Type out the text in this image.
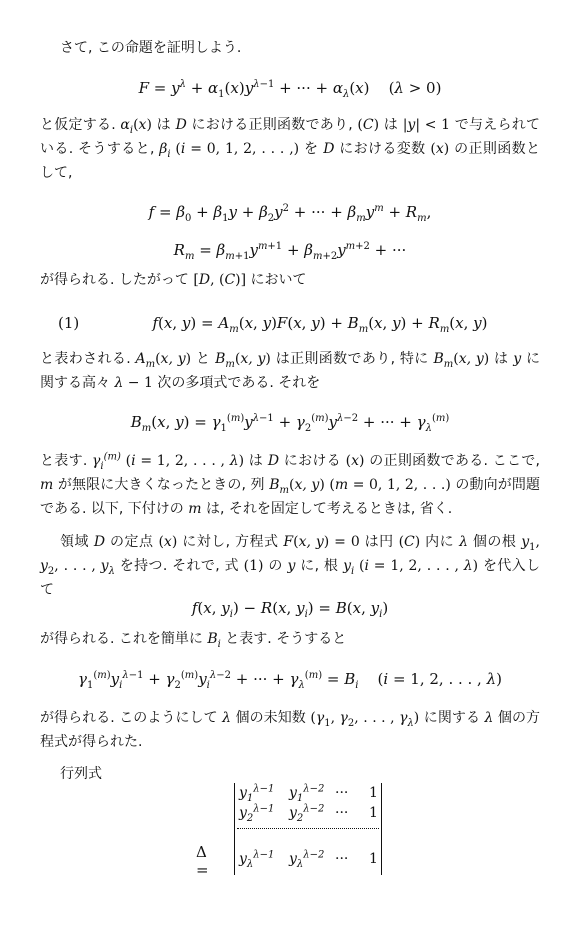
さて, この命題を証明しよう.
$F = y^\lambda + \alpha_1(x)y^{\lambda-1}$ + ··· + $\alpha_\lambda(x)$    (λ > 0)
と仮定する. $\alpha_i(x)$ は D における正則函数であり, (C) は |y| < 1 で与えられている. そうすると, $\beta_i$ (i = 0, 1, 2, . . . ,) を D における変数 (x) の正則函数として,
$f = \beta_0 + \beta_1y + \beta_2y^2$ + ··· + $\beta_my^m + R_m$,
$R_m = \beta_{m+1}y^{m+1} + \beta_{m+2}y^{m+2}$ + ···
が得られる. したがって [D, (C)] において
(1)	f(x, $y) = A_m(x$, y)F(x, $y) + B_m(x$, $y) + R_m(x$, y)
と表わされる. $A_m(x$, y) と $B_m(x$, y) は正則函数であり, 特に $B_m(x$, y) は y に関する高々 λ − 1 次の多項式である. それを
$B_m(x$, $y) = \gamma_1^{(m)}y^{\lambda-1} + \gamma_2^{(m)}y^{\lambda-2}$ + ··· + $\gamma_\lambda^{(m)}$
と表す. $\gamma_i^{(m)}$ (i = 1, 2, . . . , λ) は D における (x) の正則函数である. ここで, m が無限に大きくなったときの, 列 $B_m(x$, y) (m = 0, 1, 2, . . .) の動向が問題である. 以下, 下付けの m は, それを固定して考えるときは, 省く.
領域 D の定点 (x) に対し, 方程式 F(x, y) = 0 は円 (C) 内に λ 個の根 $y_1$, $y_2$, . . . , $y_\lambda$ を持つ. それで, 式 (1) の y に, 根 $y_i$ (i = 1, 2, . . . , λ) を代入して
f(x, $y_i) - R(x$, $y_i) = B(x$, $y_i$)
が得られる. これを簡単に $B_i$ と表す. そうすると
$\gamma_1^{(m)}y_i^{\lambda-1} + \gamma_2^{(m)}y_i^{\lambda-2}$ + ··· + $\gamma_\lambda^{(m)} = B_i$    (i = 1, 2, . . . , λ)
が得られる. このようにして λ 個の未知数 ($\gamma_1$, $\gamma_2$, . . . , $\gamma_\lambda$) に関する λ 個の方程式が得られた.
行列式
Δ =
$y_1^{\lambda-1}$ $y_1^{\lambda-2}$ ··· 1
$y_2^{\lambda-1}$ $y_2^{\lambda-2}$ ··· 1
$y_\lambda^{\lambda-1}$ $y_\lambda^{\lambda-2}$ ··· 1
